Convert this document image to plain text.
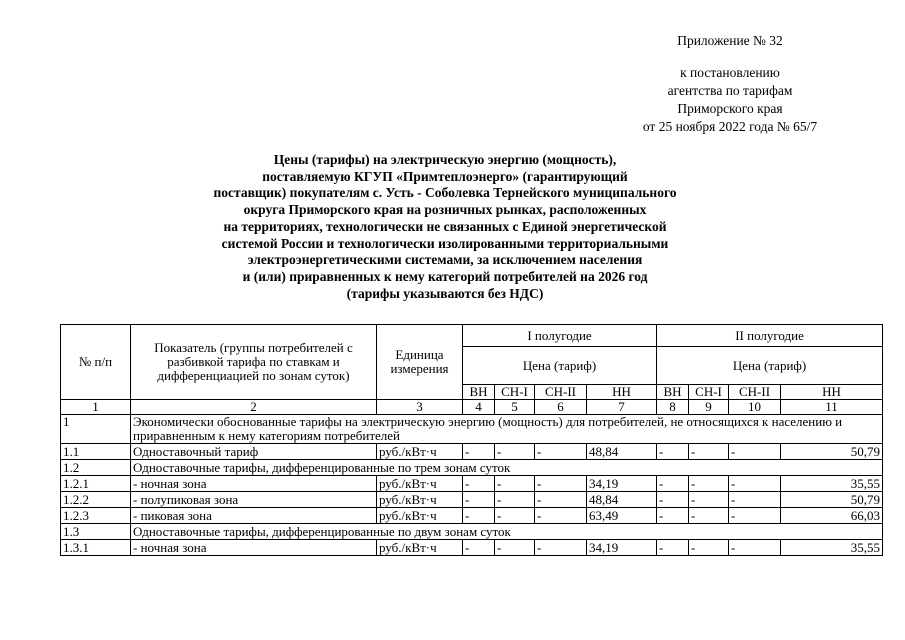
Приложение № 32
к постановлению
агентства по тарифам
Приморского края
от 25 ноября 2022 года № 65/7
Цены (тарифы) на электрическую энергию (мощность),
поставляемую КГУП «Примтеплоэнерго» (гарантирующий
поставщик) покупателям с. Усть - Соболевка Тернейского муниципального
округа Приморского края на розничных рынках, расположенных
на территориях, технологически не связанных с Единой энергетической
системой России и технологически изолированными территориальными
электроэнергетическими системами, за исключением населения
и (или) приравненных к нему категорий потребителей на 2026 год
(тарифы указываются без НДС)
№ п/п	Показатель (группы потребителей с разбивкой тарифа по ставкам и дифференциацией по зонам суток)	Единица измерения	I полугодие				II полугодие			
			Цена (тариф)				Цена (тариф)			
			ВН	СН-I	СН-II	НН	ВН	СН-I	СН-II	НН
1	2	3	4	5	6	7	8	9	10	11
1	Экономически обоснованные тарифы на электрическую энергию (мощность) для потребителей, не относящихся к населению и приравненным к нему категориям потребителей									
1.1	Одноставочный тариф	руб./кВт·ч	-	-	-	48,84	-	-	-	50,79
1.2	Одноставочные тарифы, дифференцированные по трем зонам суток									
1.2.1	- ночная зона	руб./кВт·ч	-	-	-	34,19	-	-	-	35,55
1.2.2	- полупиковая зона	руб./кВт·ч	-	-	-	48,84	-	-	-	50,79
1.2.3	- пиковая зона	руб./кВт·ч	-	-	-	63,49	-	-	-	66,03
1.3	Одноставочные тарифы, дифференцированные по двум зонам суток									
1.3.1	- ночная зона	руб./кВт·ч	-	-	-	34,19	-	-	-	35,55
